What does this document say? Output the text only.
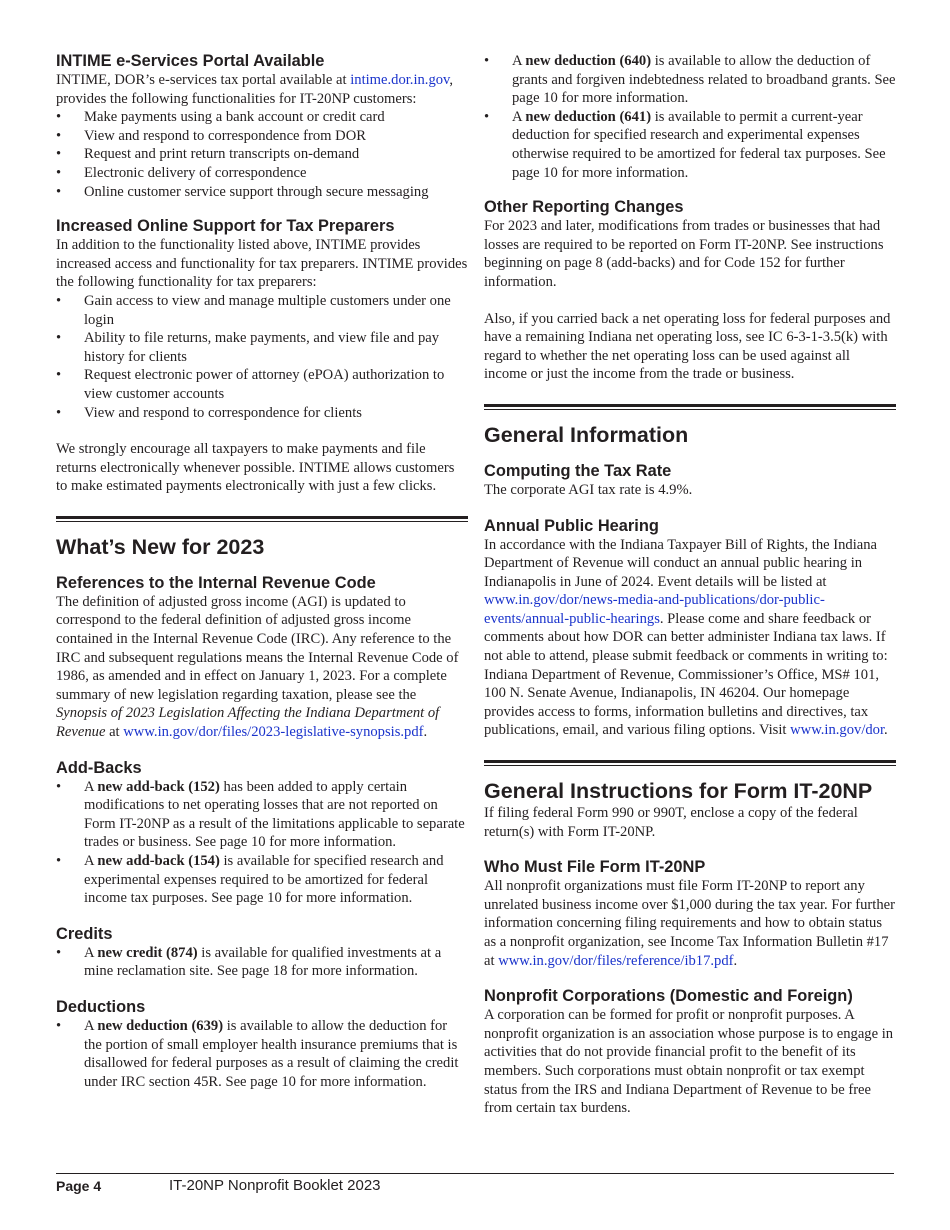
INTIME e-Services Portal Available

INTIME, DOR’s e-services tax portal available at intime.dor.in.gov, provides the following functionalities for IT-20NP customers:

• Make payments using a bank account or credit card
• View and respond to correspondence from DOR
• Request and print return transcripts on-demand
• Electronic delivery of correspondence
• Online customer service support through secure messaging
Increased Online Support for Tax Preparers

In addition to the functionality listed above, INTIME provides increased access and functionality for tax preparers. INTIME provides the following functionality for tax preparers:

• Gain access to view and manage multiple customers under one login
• Ability to file returns, make payments, and view file and pay history for clients
• Request electronic power of attorney (ePOA) authorization to view customer accounts
• View and respond to correspondence for clients

We strongly encourage all taxpayers to make payments and file returns electronically whenever possible. INTIME allows customers to make estimated payments electronically with just a few clicks.

What’s New for 2023
References to the Internal Revenue Code

The definition of adjusted gross income (AGI) is updated to correspond to the federal definition of adjusted gross income contained in the Internal Revenue Code (IRC). Any reference to the IRC and subsequent regulations means the Internal Revenue Code of 1986, as amended and in effect on January 1, 2023. For a complete summary of new legislation regarding taxation, please see the Synopsis of 2023 Legislation Affecting the Indiana Department of Revenue at www.in.gov/dor/files/2023-legislative-synopsis.pdf.

Add-Backs
• A new add-back (152) has been added to apply certain modifications to net operating losses that are not reported on Form IT-20NP as a result of the limitations applicable to separate trades or business. See page 10 for more information.
• A new add-back (154) is available for specified research and experimental expenses required to be amortized for federal income tax purposes. See page 10 for more information.
Credits
• A new credit (874) is available for qualified investments at a mine reclamation site. See page 18 for more information.
Deductions
• A new deduction (639) is available to allow the deduction for the portion of small employer health insurance premiums that is disallowed for federal purposes as a result of claiming the credit under IRC section 45R. See page 10 for more information.
• A new deduction (640) is available to allow the deduction of grants and forgiven indebtedness related to broadband grants. See page 10 for more information.
• A new deduction (641) is available to permit a current-year deduction for specified research and experimental expenses otherwise required to be amortized for federal tax purposes. See page 10 for more information.
Other Reporting Changes

For 2023 and later, modifications from trades or businesses that had losses are required to be reported on Form IT-20NP. See instructions beginning on page 8 (add-backs) and for Code 152 for further information.

Also, if you carried back a net operating loss for federal purposes and have a remaining Indiana net operating loss, see IC 6-3-1-3.5(k) with regard to whether the net operating loss can be used against all income or just the income from the trade or business.

General Information
Computing the Tax Rate

The corporate AGI tax rate is 4.9%.

Annual Public Hearing

In accordance with the Indiana Taxpayer Bill of Rights, the Indiana Department of Revenue will conduct an annual public hearing in Indianapolis in June of 2024. Event details will be listed at www.in.gov/dor/news-media-and-publications/dor-public-events/annual-public-hearings. Please come and share feedback or comments about how DOR can better administer Indiana tax laws. If not able to attend, please submit feedback or comments in writing to: Indiana Department of Revenue, Commissioner’s Office, MS# 101, 100 N. Senate Avenue, Indianapolis, IN 46204. Our homepage provides access to forms, information bulletins and directives, tax publications, email, and various filing options. Visit www.in.gov/dor.

General Instructions for Form IT-20NP

If filing federal Form 990 or 990T, enclose a copy of the federal return(s) with Form IT-20NP.

Who Must File Form IT-20NP

All nonprofit organizations must file Form IT-20NP to report any unrelated business income over $1,000 during the tax year. For further information concerning filing requirements and how to obtain status as a nonprofit organization, see Income Tax Information Bulletin #17 at www.in.gov/dor/files/reference/ib17.pdf.

Nonprofit Corporations (Domestic and Foreign)

A corporation can be formed for profit or nonprofit purposes. A nonprofit organization is an association whose purpose is to engage in activities that do not provide financial profit to the benefit of its members. Such corporations must obtain nonprofit or tax exempt status from the IRS and Indiana Department of Revenue to be free from certain tax burdens.

Page 4	IT-20NP Nonprofit Booklet 2023
